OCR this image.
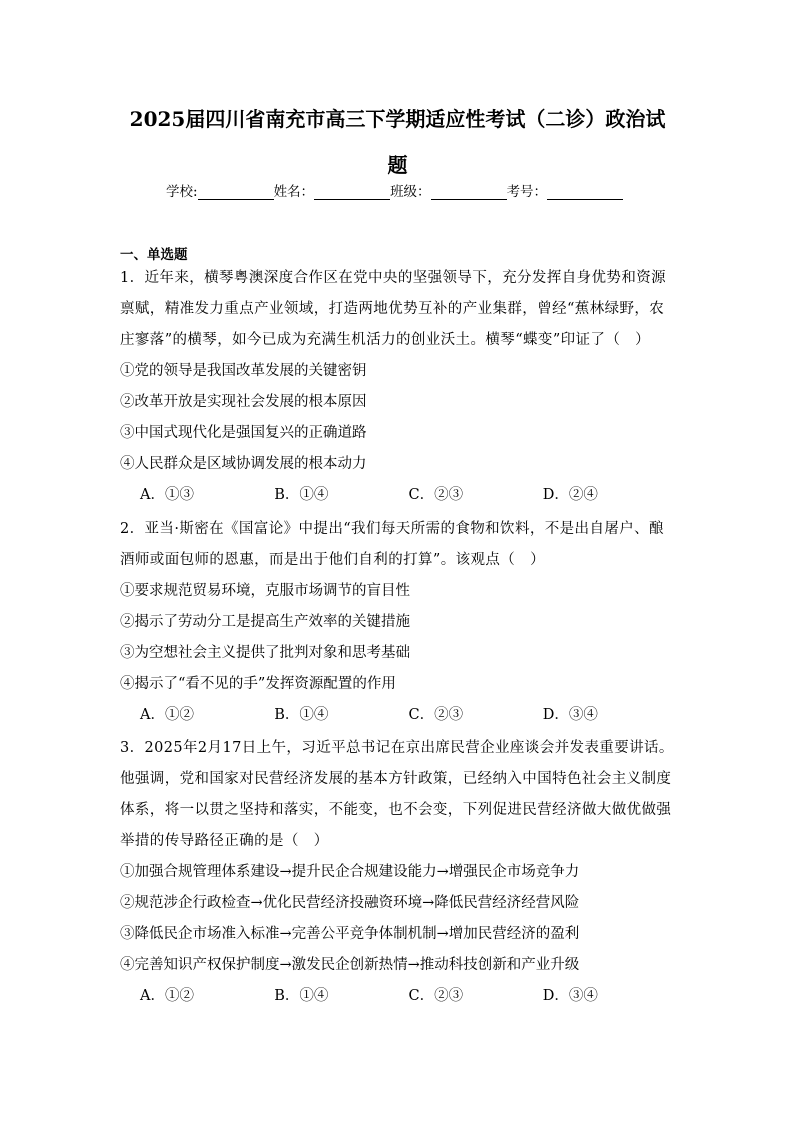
2025届四川省南充市高三下学期适应性考试（二诊）政治试
题
学校:	姓名：	班级：	考号：
一、单选题
1．近年来，横琴粤澳深度合作区在党中央的坚强领导下，充分发挥自身优势和资源禀赋，精准发力重点产业领域，打造两地优势互补的产业集群，曾经“蕉林绿野，农庄寥落”的横琴，如今已成为充满生机活力的创业沃土。横琴“蝶变”印证了（　）
①党的领导是我国改革发展的关键密钥
②改革开放是实现社会发展的根本原因
③中国式现代化是强国复兴的正确道路
④人民群众是区域协调发展的根本动力
A．①③	B．①④	C．②③	D．②④
2．亚当·斯密在《国富论》中提出“我们每天所需的食物和饮料，不是出自屠户、酿酒师或面包师的恩惠，而是出于他们自利的打算”。该观点（　）
①要求规范贸易环境，克服市场调节的盲目性
②揭示了劳动分工是提高生产效率的关键措施
③为空想社会主义提供了批判对象和思考基础
④揭示了“看不见的手”发挥资源配置的作用
A．①②	B．①④	C．②③	D．③④
3．2025年2月17日上午，习近平总书记在京出席民营企业座谈会并发表重要讲话。他强调，党和国家对民营经济发展的基本方针政策，已经纳入中国特色社会主义制度体系，将一以贯之坚持和落实，不能变，也不会变，下列促进民营经济做大做优做强举措的传导路径正确的是（　）
①加强合规管理体系建设→提升民企合规建设能力→增强民企市场竞争力
②规范涉企行政检查→优化民营经济投融资环境→降低民营经济经营风险
③降低民企市场准入标准→完善公平竞争体制机制→增加民营经济的盈利
④完善知识产权保护制度→激发民企创新热情→推动科技创新和产业升级
A．①②	B．①④	C．②③	D．③④
